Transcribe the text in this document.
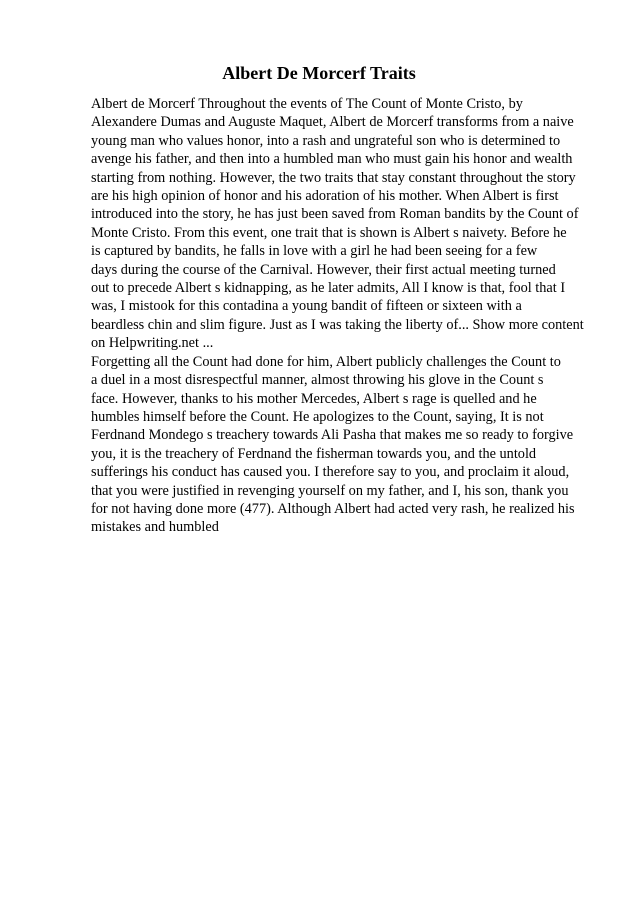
Albert De Morcerf Traits
Albert de Morcerf Throughout the events of The Count of Monte Cristo, by
Alexandere Dumas and Auguste Maquet, Albert de Morcerf transforms from a naive
young man who values honor, into a rash and ungrateful son who is determined to
avenge his father, and then into a humbled man who must gain his honor and wealth
starting from nothing. However, the two traits that stay constant throughout the story
are his high opinion of honor and his adoration of his mother. When Albert is first
introduced into the story, he has just been saved from Roman bandits by the Count of
Monte Cristo. From this event, one trait that is shown is Albert s naivety. Before he
is captured by bandits, he falls in love with a girl he had been seeing for a few
days during the course of the Carnival. However, their first actual meeting turned
out to precede Albert s kidnapping, as he later admits, All I know is that, fool that I
was, I mistook for this contadina a young bandit of fifteen or sixteen with a
beardless chin and slim figure. Just as I was taking the liberty of... Show more content
on Helpwriting.net ...
Forgetting all the Count had done for him, Albert publicly challenges the Count to
a duel in a most disrespectful manner, almost throwing his glove in the Count s
face. However, thanks to his mother Mercedes, Albert s rage is quelled and he
humbles himself before the Count. He apologizes to the Count, saying, It is not
Ferdnand Mondego s treachery towards Ali Pasha that makes me so ready to forgive
you, it is the treachery of Ferdnand the fisherman towards you, and the untold
sufferings his conduct has caused you. I therefore say to you, and proclaim it aloud,
that you were justified in revenging yourself on my father, and I, his son, thank you
for not having done more (477). Although Albert had acted very rash, he realized his
mistakes and humbled
